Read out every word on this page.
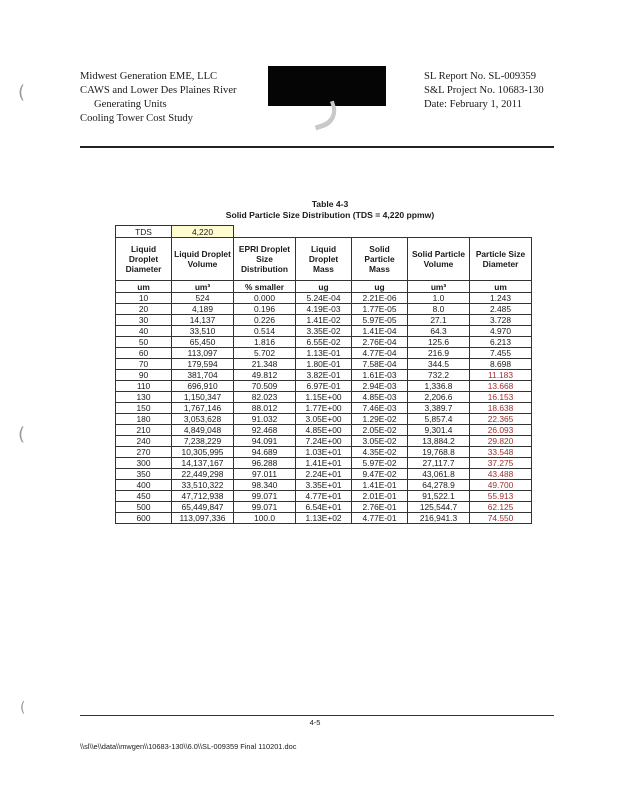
(
(
(
Midwest Generation EME, LLC
CAWS and Lower Des Plaines River
Generating Units
Cooling Tower Cost Study
SL Report No. SL-009359
S&L Project No. 10683-130
Date: February 1, 2011
Table 4-3
Solid Particle Size Distribution (TDS = 4,220 ppmw)
TDS	4,220					
Liquid Droplet Diameter	Liquid Droplet Volume	EPRI Droplet Size Distribution	Liquid Droplet Mass	Solid Particle Mass	Solid Particle Volume	Particle Size Diameter
um	um³	% smaller	ug	ug	um³	um
10	524	0.000	5.24E-04	2.21E-06	1.0	1.243
20	4,189	0.196	4.19E-03	1.77E-05	8.0	2.485
30	14,137	0.226	1.41E-02	5.97E-05	27.1	3.728
40	33,510	0.514	3.35E-02	1.41E-04	64.3	4.970
50	65,450	1.816	6.55E-02	2.76E-04	125.6	6.213
60	113,097	5.702	1.13E-01	4.77E-04	216.9	7.455
70	179,594	21.348	1.80E-01	7.58E-04	344.5	8.698
90	381,704	49.812	3.82E-01	1.61E-03	732.2	11.183
110	696,910	70.509	6.97E-01	2.94E-03	1,336.8	13.668
130	1,150,347	82.023	1.15E+00	4.85E-03	2,206.6	16.153
150	1,767,146	88.012	1.77E+00	7.46E-03	3,389.7	18.638
180	3,053,628	91.032	3.05E+00	1.29E-02	5,857.4	22.365
210	4,849,048	92.468	4.85E+00	2.05E-02	9,301.4	26.093
240	7,238,229	94.091	7.24E+00	3.05E-02	13,884.2	29.820
270	10,305,995	94.689	1.03E+01	4.35E-02	19,768.8	33.548
300	14,137,167	96.288	1.41E+01	5.97E-02	27,117.7	37.275
350	22,449,298	97.011	2.24E+01	9.47E-02	43,061.8	43.488
400	33,510,322	98.340	3.35E+01	1.41E-01	64,278.9	49.700
450	47,712,938	99.071	4.77E+01	2.01E-01	91,522.1	55.913
500	65,449,847	99.071	6.54E+01	2.76E-01	125,544.7	62.125
600	113,097,336	100.0	1.13E+02	4.77E-01	216,941.3	74.550
4-5
\\sl\\e\\data\\mwgen\\10683-130\\6.0\\SL-009359 Final 110201.doc
